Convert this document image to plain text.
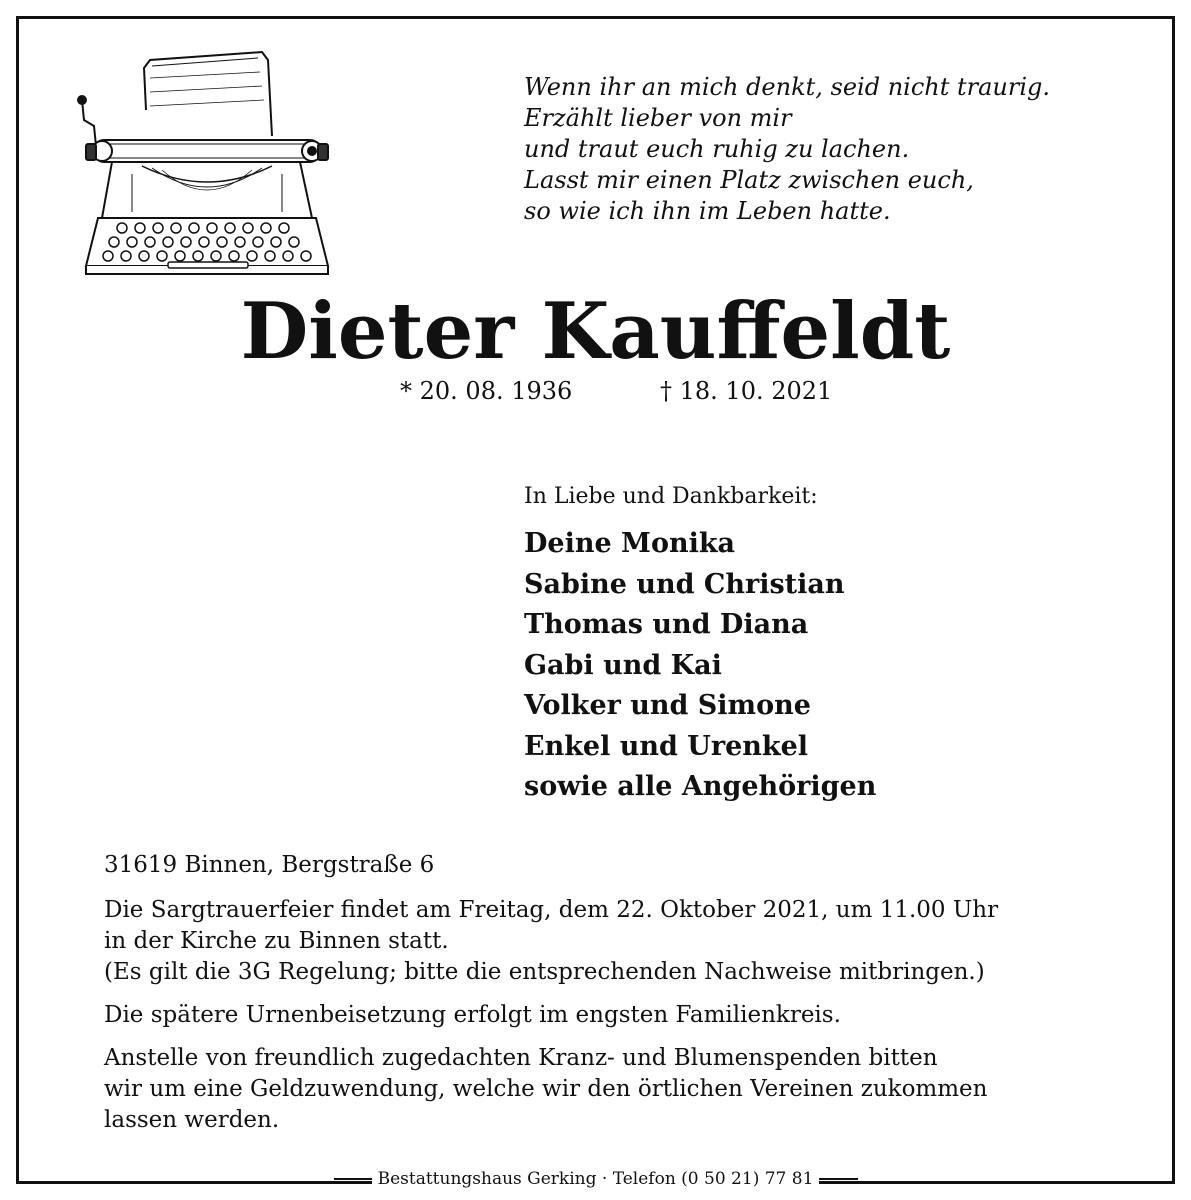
Wenn ihr an mich denkt, seid nicht traurig.
Erzählt lieber von mir
und traut euch ruhig zu lachen.
Lasst mir einen Platz zwischen euch,
so wie ich ihn im Leben hatte.
Dieter Kauffeldt
* 20. 08. 1936	† 18. 10. 2021
In Liebe und Dankbarkeit:
Deine Monika
Sabine und Christian
Thomas und Diana
Gabi und Kai
Volker und Simone
Enkel und Urenkel
sowie alle Angehörigen

31619 Binnen, Bergstraße 6

Die Sargtrauerfeier findet am Freitag, dem 22. Oktober 2021, um 11.00 Uhr

in der Kirche zu Binnen statt.

(Es gilt die 3G Regelung; bitte die entsprechenden Nachweise mitbringen.)

Die spätere Urnenbeisetzung erfolgt im engsten Familienkreis.

Anstelle von freundlich zugedachten Kranz- und Blumenspenden bitten

wir um eine Geldzuwendung, welche wir den örtlichen Vereinen zukommen

lassen werden.

Bestattungshaus Gerking · Telefon (0 50 21) 77 81
